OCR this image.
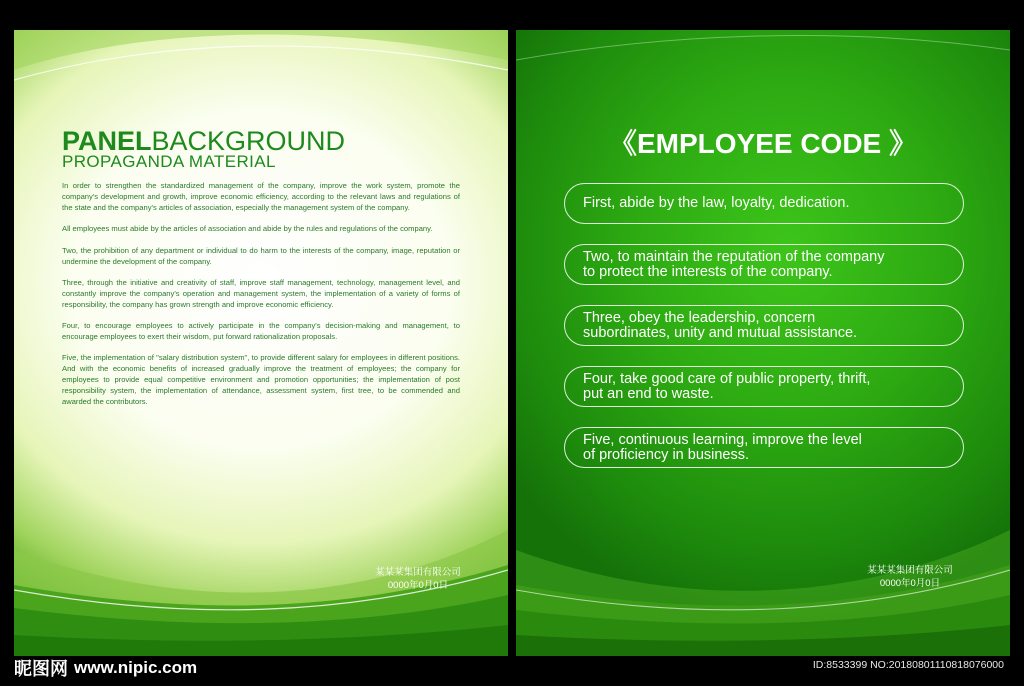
PANELBACKGROUND
PROPAGANDA MATERIAL

In order to strengthen the standardized management of the company, improve the work system, promote the company's development and growth, improve economic efficiency, according to the relevant laws and regulations of the state and the company's articles of association, especially the management system of the company.

All employees must abide by the articles of association and abide by the rules and regulations of the company.

Two, the prohibition of any department or individual to do harm to the interests of the company, image, reputation or undermine the development of the company.

Three, through the initiative and creativity of staff, improve staff management, technology, management level, and constantly improve the company's operation and management system, the implementation of a variety of forms of responsibility, the company has grown strength and improve economic efficiency.

Four, to encourage employees to actively participate in the company's decision-making and management, to encourage employees to exert their wisdom, put forward rationalization proposals.

Five, the implementation of "salary distribution system", to provide different salary for employees in different positions. And with the economic benefits of increased gradually improve the treatment of employees; the company for employees to provide equal competitive environment and promotion opportunities; the implementation of post responsibility system, the implementation of attendance, assessment system, first tree, to be commended and awarded the contributors.

某某某集团有限公司
0000年0月0日
《EMPLOYEE CODE 》
First, abide by the law, loyalty, dedication.
Two, to maintain the reputation of the company
to protect the interests of the company.
Three, obey the leadership, concern
subordinates, unity and mutual assistance.
Four, take good care of public property, thrift,
put an end to waste.
Five, continuous learning, improve the level
of proficiency in business.
某某某集团有限公司
0000年0月0日
昵图网 www.nipic.com	ID:8533399 NO:20180801110818076000
